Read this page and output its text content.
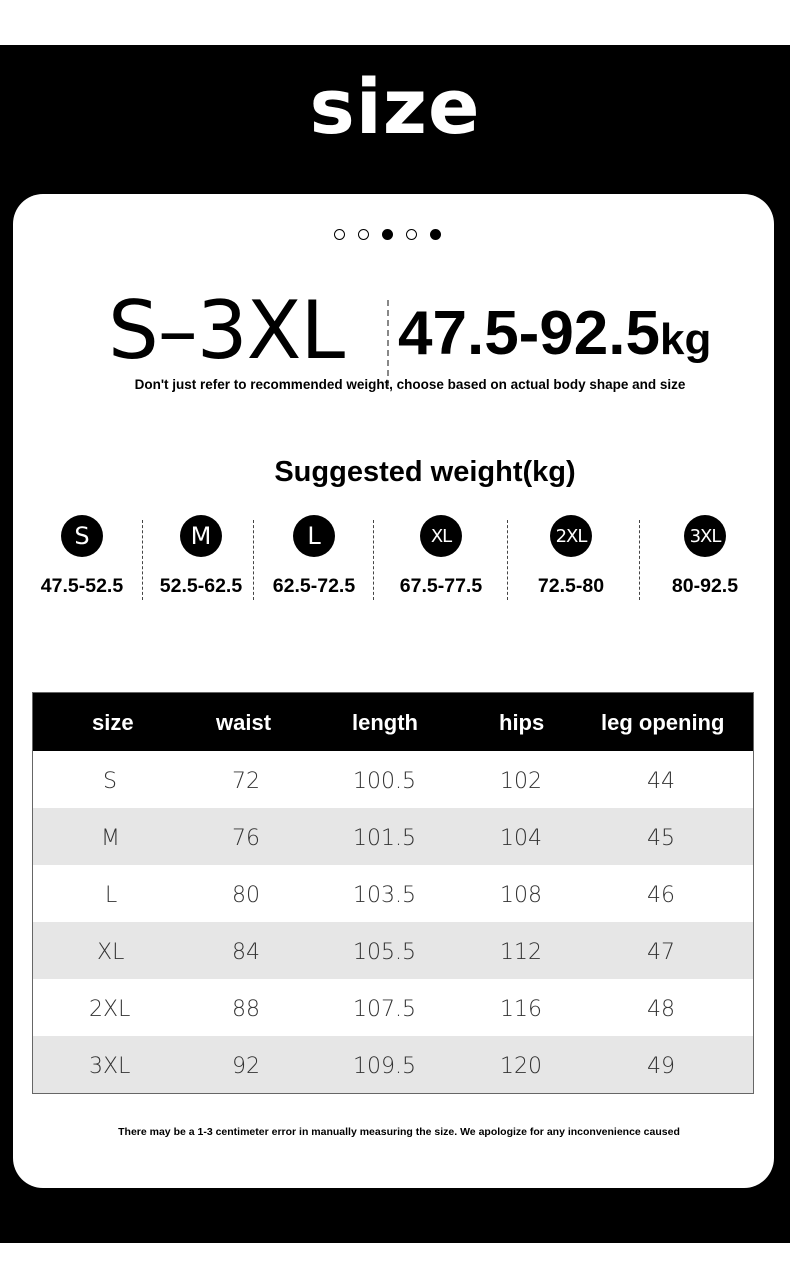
size
S–3XL 47.5-92.5kg
Don't just refer to recommended weight, choose based on actual body shape and size
Suggested weight(kg)
S
47.5-52.5
M
52.5-62.5
L
62.5-72.5
XL
67.5-77.5
2XL
72.5-80
3XL
80-92.5
size	waist	length	hips	leg opening
S	72	100.5	102	44
M	76	101.5	104	45
L	80	103.5	108	46
XL	84	105.5	112	47
2XL	88	107.5	116	48
3XL	92	109.5	120	49
There may be a 1-3 centimeter error in manually measuring the size. We apologize for any inconvenience caused
